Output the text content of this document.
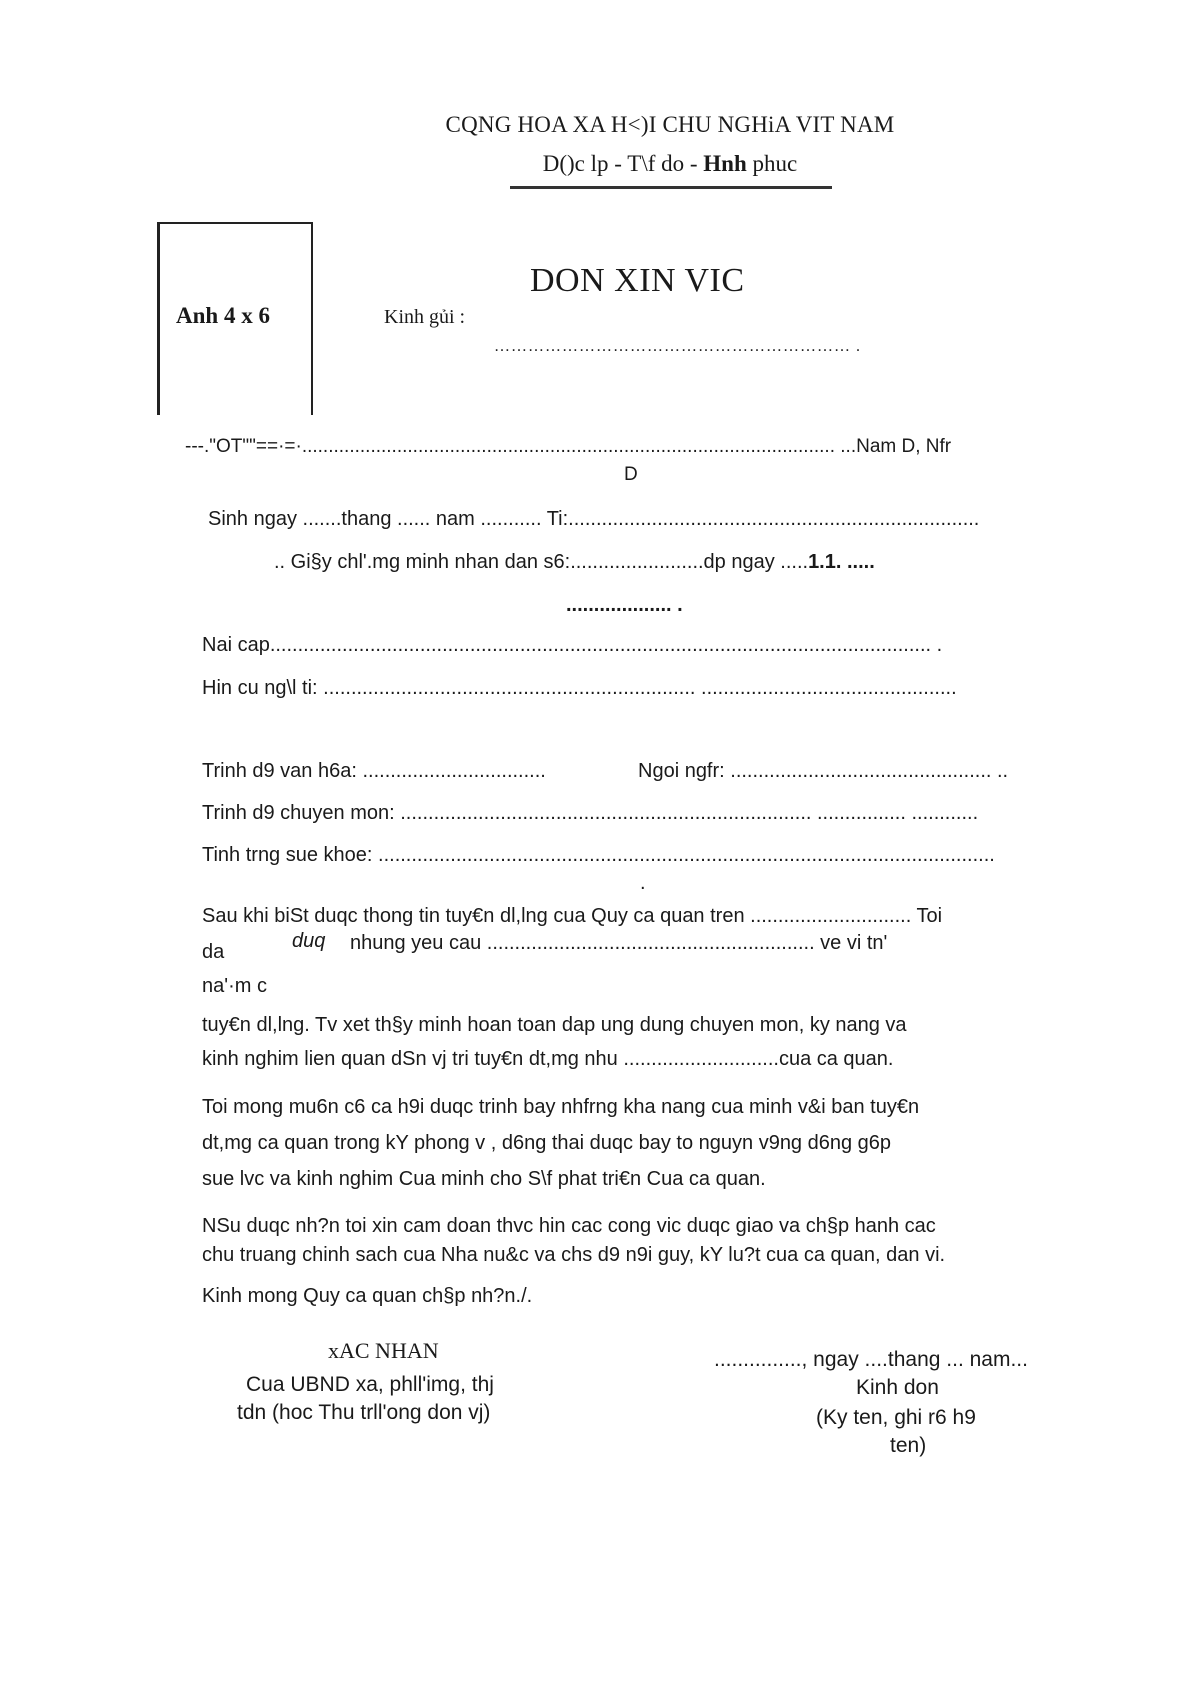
CQNG HOA XA H<)I CHU NGHiA VIT NAM
D()c lp - T\f do - Hnh phuc
Anh 4 x 6
DON XIN VIC
Kinh gủi :
……………………………………………………… .
---."OT""==·=·..................................................................................................... ...Nam D, Nfr
D
Sinh ngay .......thang ...... nam ........... Ti:..........................................................................
.. Gi§y chl'.mg minh nhan dan s6:........................dp ngay .....1.1. .....
................... .
Nai cap....................................................................................................................... .
Hin cu ng\l ti: ................................................................... ..............................................
Trinh d9 van h6a: .................................	Ngoi ngfr: ............................................... ..
Trinh d9 chuyen mon: .......................................................................... ................ ............
Tinh trng sue khoe: ...............................................................................................................
.
Sau khi biSt duqc thong tin tuy€n dl,lng cua Quy ca quan tren ............................. Toi
da	duq nhung yeu cau ........................................................... ve vi tn'
na'·m c
tuy€n dl,lng. Tv xet th§y minh hoan toan dap ung dung chuyen mon, ky nang va
kinh nghim lien quan dSn vj tri tuy€n dt,mg nhu ............................cua ca quan.
Toi mong mu6n c6 ca h9i duqc trinh bay nhfrng kha nang cua minh v&i ban tuy€n
dt,mg ca quan trong kY phong v , d6ng thai duqc bay to nguyn v9ng d6ng g6p
sue lvc va kinh nghim Cua minh cho S\f phat tri€n Cua ca quan.
NSu duqc nh?n toi xin cam doan thvc hin cac cong vic duqc giao va ch§p hanh cac
chu truang chinh sach cua Nha nu&c va chs d9 n9i guy, kY lu?t cua ca quan, dan vi.
Kinh mong Quy ca quan ch§p nh?n./.
xAC NHAN
Cua UBND xa, phll'img, thj
tdn (hoc Thu trll'ong don vj)
..............., ngay ....thang ... nam...
Kinh don
(Ky ten, ghi r6 h9
ten)
